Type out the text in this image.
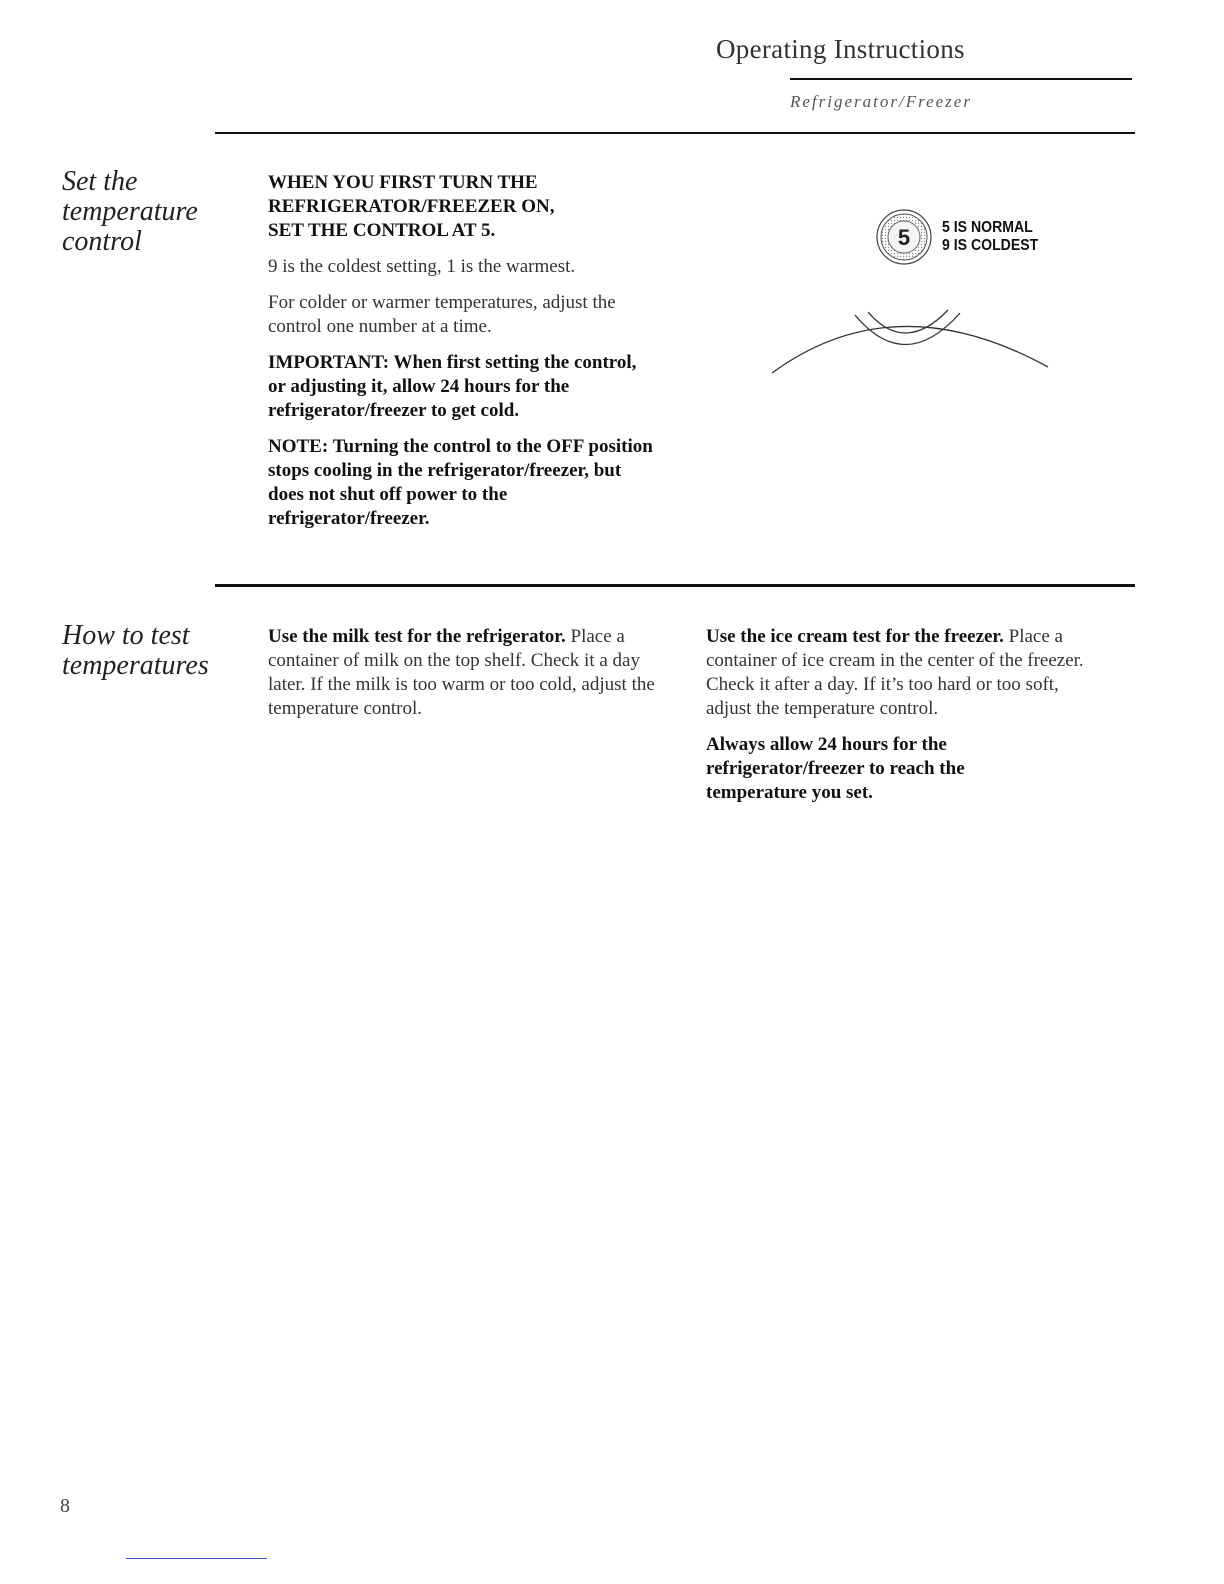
Operating Instructions
Refrigerator/Freezer
Set the
temperature
control

WHEN YOU FIRST TURN THE
REFRIGERATOR/FREEZER ON,
SET THE CONTROL AT 5.

9 is the coldest setting, 1 is the warmest.

For colder or warmer temperatures, adjust the control one number at a time.

IMPORTANT: When first setting the control, or adjusting it, allow 24 hours for the refrigerator/freezer to get cold.

NOTE: Turning the control to the OFF position stops cooling in the refrigerator/freezer, but does not shut off power to the refrigerator/freezer.

5 5 IS NORMAL
9 IS COLDEST
How to test
temperatures

Use the milk test for the refrigerator. Place a container of milk on the top shelf. Check it a day later. If the milk is too warm or too cold, adjust the temperature control.

Use the ice cream test for the freezer. Place a container of ice cream in the center of the freezer. Check it after a day. If it’s too hard or too soft, adjust the temperature control.

Always allow 24 hours for the refrigerator/freezer to reach the temperature you set.

8
